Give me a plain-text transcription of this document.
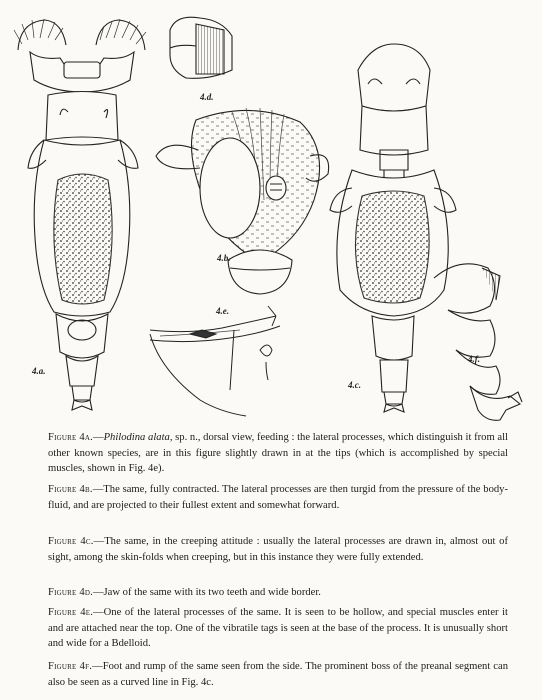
4.a.
4.d.
4.b.
4.e.
4.c.
4.f.
Figure 4a.—Philodina alata, sp. n., dorsal view, feeding : the lateral processes, which distinguish it from all other known species, are in this figure slightly drawn in at the tips (which is accomplished by special muscles, shown in Fig. 4e).
Figure 4b.—The same, fully contracted. The lateral processes are then turgid from the pressure of the body-fluid, and are projected to their fullest extent and somewhat forward.
Figure 4c.—The same, in the creeping attitude : usually the lateral processes are drawn in, almost out of sight, among the skin-folds when creeping, but in this instance they were fully extended.
Figure 4d.—Jaw of the same with its two teeth and wide border.
Figure 4e.—One of the lateral processes of the same. It is seen to be hollow, and special muscles enter it and are attached near the top. One of the vibratile tags is seen at the base of the process. It is unusually short and wide for a Bdelloid.
Figure 4f.—Foot and rump of the same seen from the side. The prominent boss of the preanal segment can also be seen as a curved line in Fig. 4c.
